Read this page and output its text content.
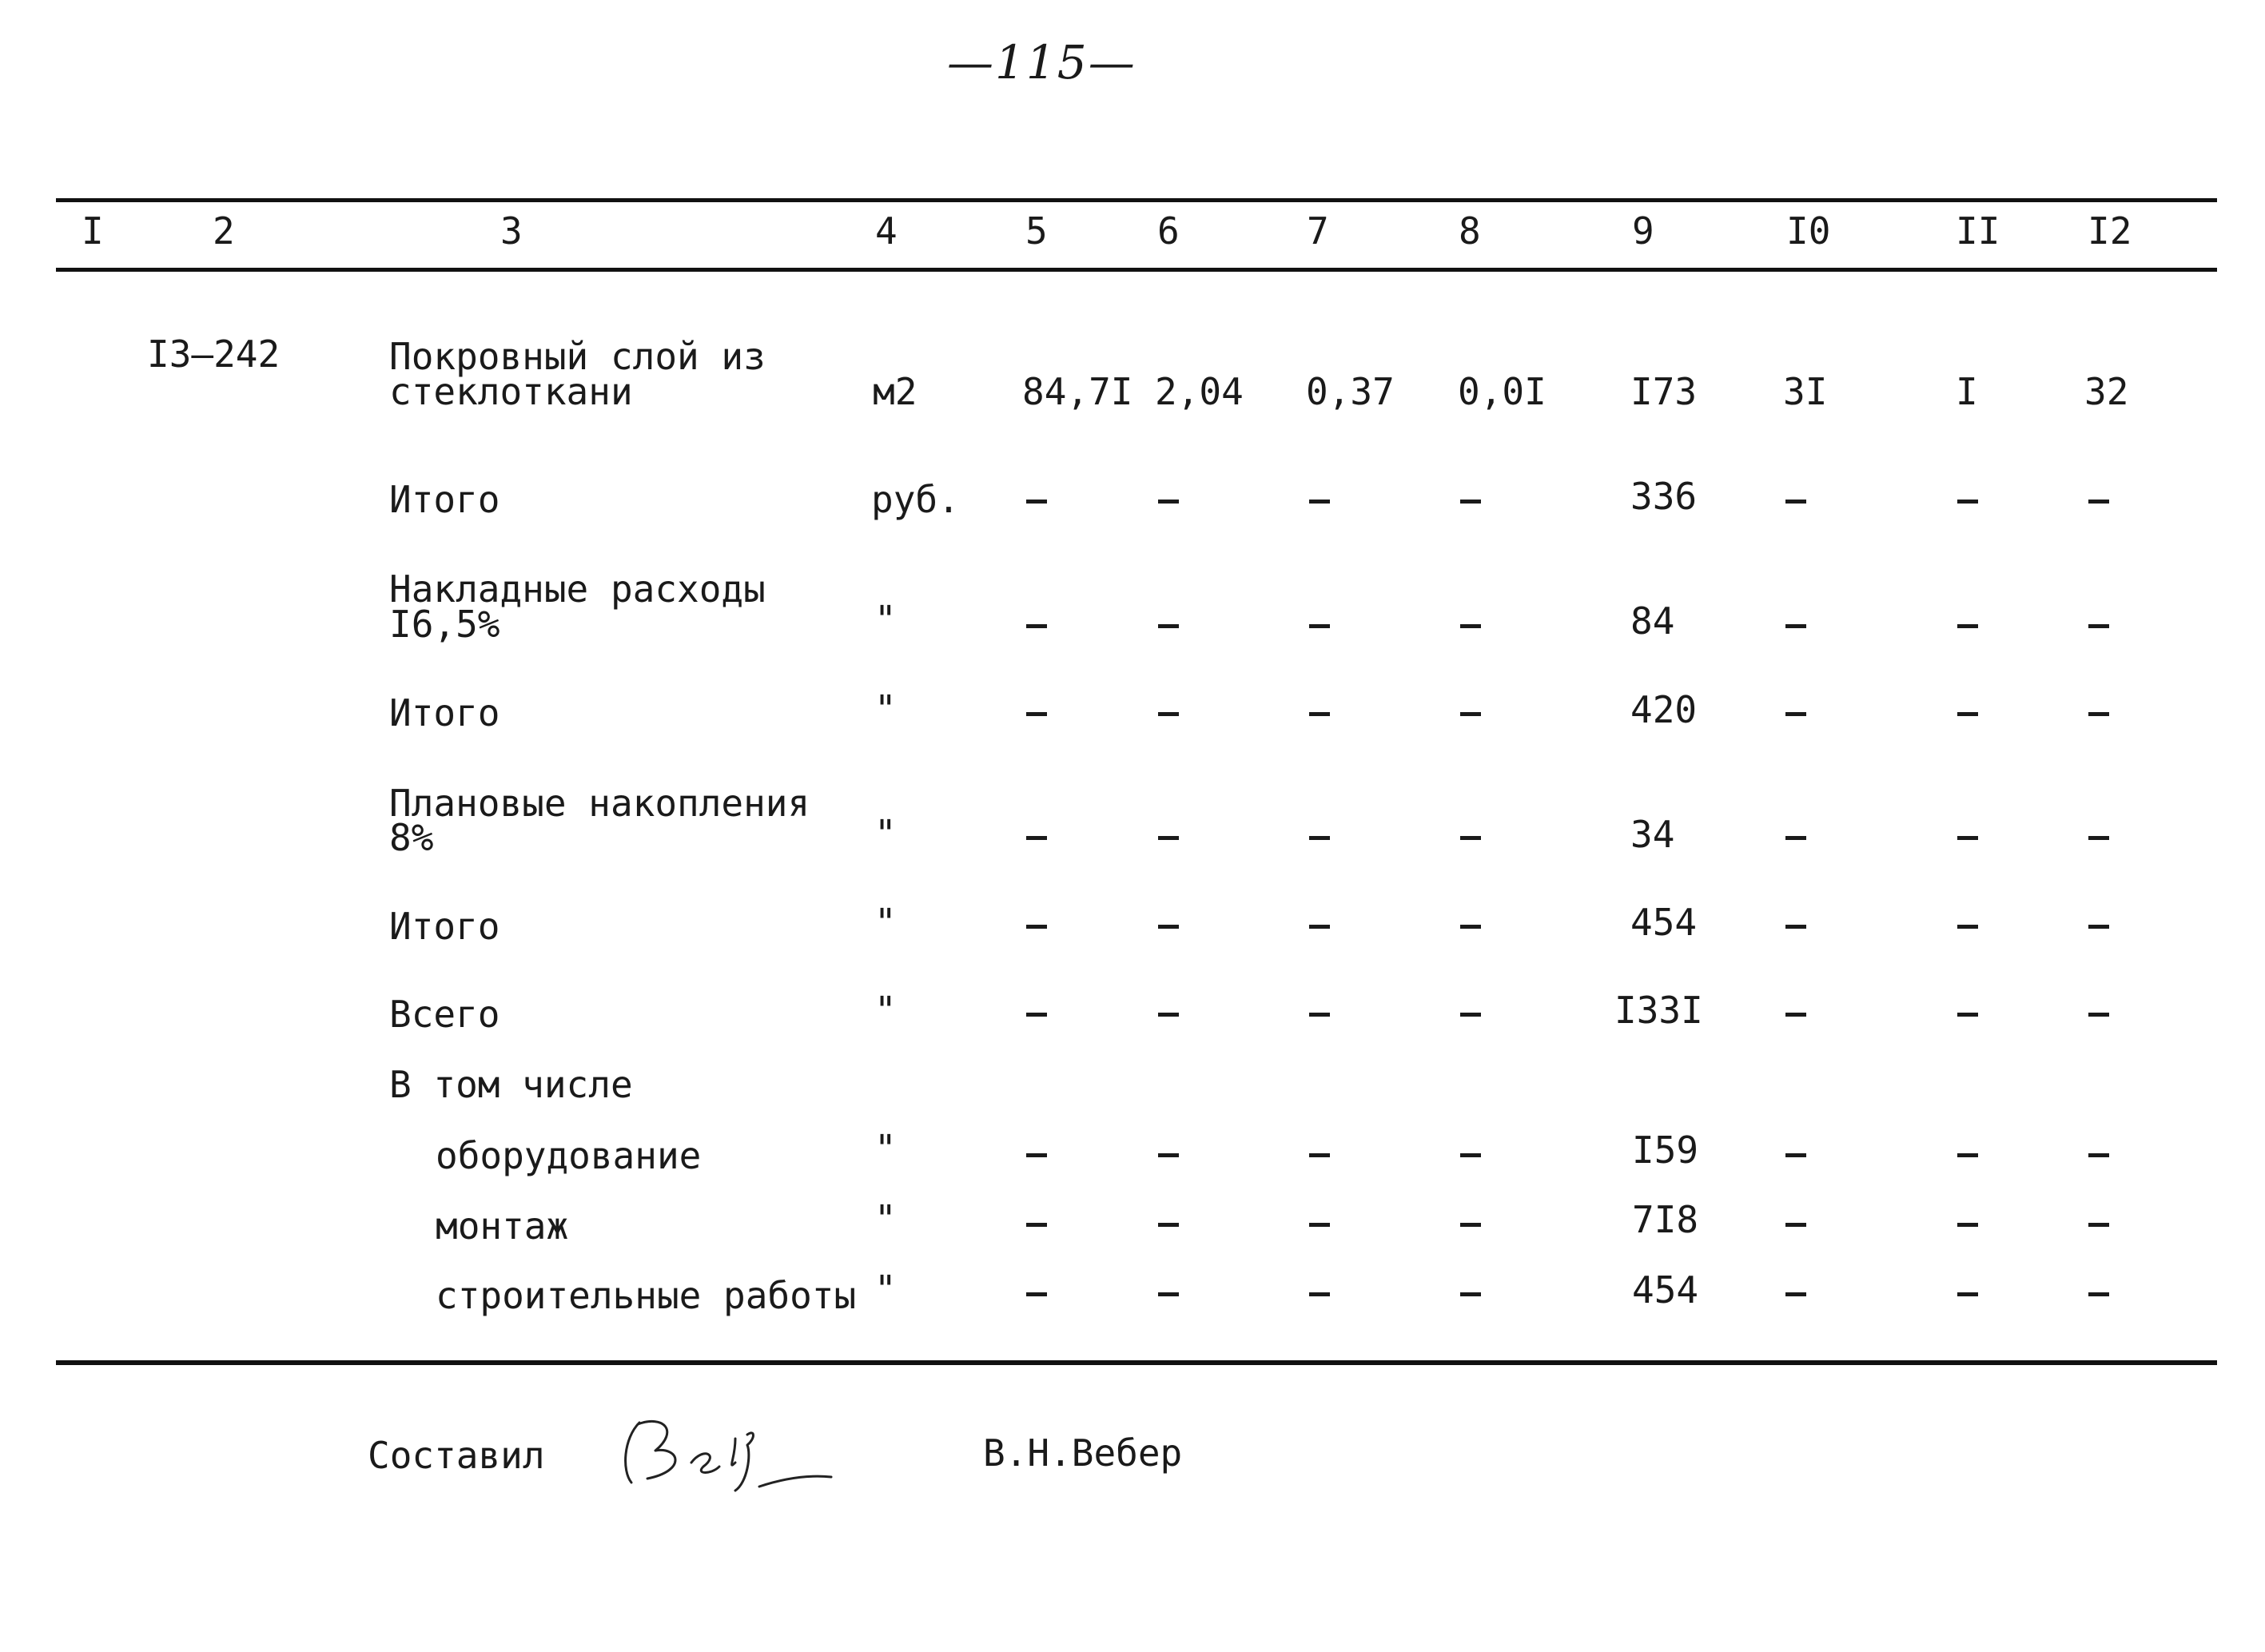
—115—
I	2	3	4	5	6	7	8	9	I0	II I2
I3–242	Покровный слой из
стеклоткани	м2	84,7I 2,04 0,37 0,0I I73 3I	I	32
Итого	руб.	336
Накладные расходы
I6,5%	"	84
Итого	"	420
Плановые накопления
8%	"	34
Итого	"	454
Всего	"	I33I
В том числе
оборудование	"	I59
монтаж	"	7I8
строительные работы "	454
Составил	В.Н.Вебер
